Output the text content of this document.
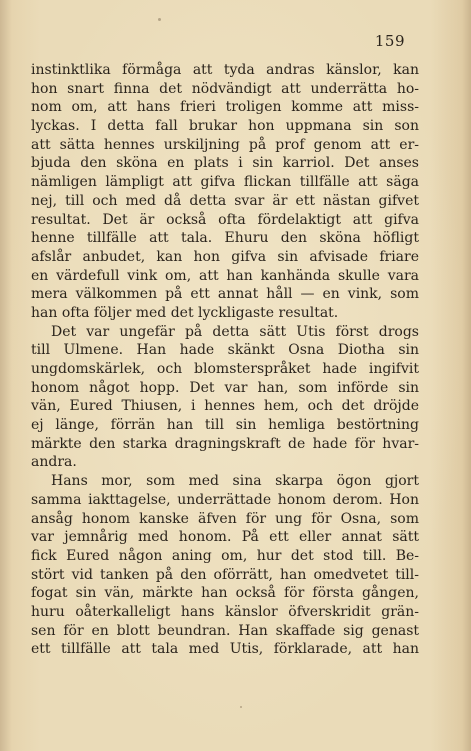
159
instinktlika förmåga att tyda andras känslor, kan
hon snart finna det nödvändigt att underrätta ho-
nom om, att hans frieri troligen komme att miss-
lyckas. I detta fall brukar hon uppmana sin son
att sätta hennes urskiljning på prof genom att er-
bjuda den sköna en plats i sin karriol. Det anses
nämligen lämpligt att gifva flickan tillfälle att säga
nej, till och med då detta svar är ett nästan gifvet
resultat. Det är också ofta fördelaktigt att gifva
henne tillfälle att tala. Ehuru den sköna höfligt
afslår anbudet, kan hon gifva sin afvisade friare
en värdefull vink om, att han kanhända skulle vara
mera välkommen på ett annat håll — en vink, som
han ofta följer med det lyckligaste resultat.
Det var ungefär på detta sätt Utis först drogs
till Ulmene. Han hade skänkt Osna Diotha sin
ungdomskärlek, och blomsterspråket hade ingifvit
honom något hopp. Det var han, som införde sin
vän, Eured Thiusen, i hennes hem, och det dröjde
ej länge, förrän han till sin hemliga bestörtning
märkte den starka dragningskraft de hade för hvar-
andra.
Hans mor, som med sina skarpa ögon gjort
samma iakttagelse, underrättade honom derom. Hon
ansåg honom kanske äfven för ung för Osna, som
var jemnårig med honom. På ett eller annat sätt
fick Eured någon aning om, hur det stod till. Be-
stört vid tanken på den oförrätt, han omedvetet till-
fogat sin vän, märkte han också för första gången,
huru oåterkalleligt hans känslor öfverskridit grän-
sen för en blott beundran. Han skaffade sig genast
ett tillfälle att tala med Utis, förklarade, att han
